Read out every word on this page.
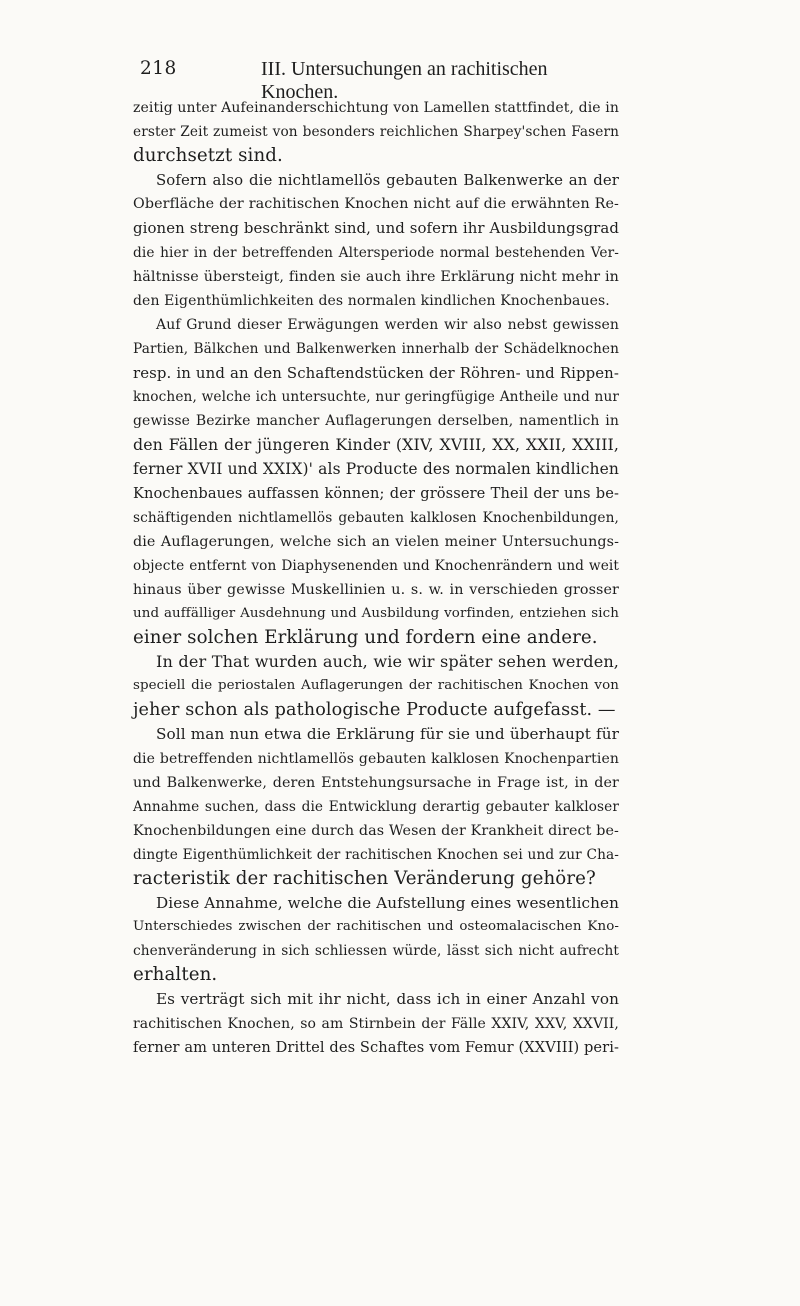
218	III. Untersuchungen an rachitischen Knochen.
zeitig unter Aufeinanderschichtung von Lamellen stattfindet, die in
erster Zeit zumeist von besonders reichlichen Sharpey'schen Fasern
durchsetzt sind.
Sofern also die nichtlamellös gebauten Balkenwerke an der
Oberfläche der rachitischen Knochen nicht auf die erwähnten Re-
gionen streng beschränkt sind, und sofern ihr Ausbildungsgrad
die hier in der betreffenden Altersperiode normal bestehenden Ver-
hältnisse übersteigt, finden sie auch ihre Erklärung nicht mehr in
den Eigenthümlichkeiten des normalen kindlichen Knochenbaues.
Auf Grund dieser Erwägungen werden wir also nebst gewissen
Partien, Bälkchen und Balkenwerken innerhalb der Schädelknochen
resp. in und an den Schaftendstücken der Röhren- und Rippen-
knochen, welche ich untersuchte, nur geringfügige Antheile und nur
gewisse Bezirke mancher Auflagerungen derselben, namentlich in
den Fällen der jüngeren Kinder (XIV, XVIII, XX, XXII, XXIII,
ferner XVII und XXIX)' als Producte des normalen kindlichen
Knochenbaues auffassen können; der grössere Theil der uns be-
schäftigenden nichtlamellös gebauten kalklosen Knochenbildungen,
die Auflagerungen, welche sich an vielen meiner Untersuchungs-
objecte entfernt von Diaphysenenden und Knochenrändern und weit
hinaus über gewisse Muskellinien u. s. w. in verschieden grosser
und auffälliger Ausdehnung und Ausbildung vorfinden, entziehen sich
einer solchen Erklärung und fordern eine andere.
In der That wurden auch, wie wir später sehen werden,
speciell die periostalen Auflagerungen der rachitischen Knochen von
jeher schon als pathologische Producte aufgefasst. —
Soll man nun etwa die Erklärung für sie und überhaupt für
die betreffenden nichtlamellös gebauten kalklosen Knochenpartien
und Balkenwerke, deren Entstehungsursache in Frage ist, in der
Annahme suchen, dass die Entwicklung derartig gebauter kalkloser
Knochenbildungen eine durch das Wesen der Krankheit direct be-
dingte Eigenthümlichkeit der rachitischen Knochen sei und zur Cha-
racteristik der rachitischen Veränderung gehöre?
Diese Annahme, welche die Aufstellung eines wesentlichen
Unterschiedes zwischen der rachitischen und osteomalacischen Kno-
chenveränderung in sich schliessen würde, lässt sich nicht aufrecht
erhalten.
Es verträgt sich mit ihr nicht, dass ich in einer Anzahl von
rachitischen Knochen, so am Stirnbein der Fälle XXIV, XXV, XXVII,
ferner am unteren Drittel des Schaftes vom Femur (XXVIII) peri-
